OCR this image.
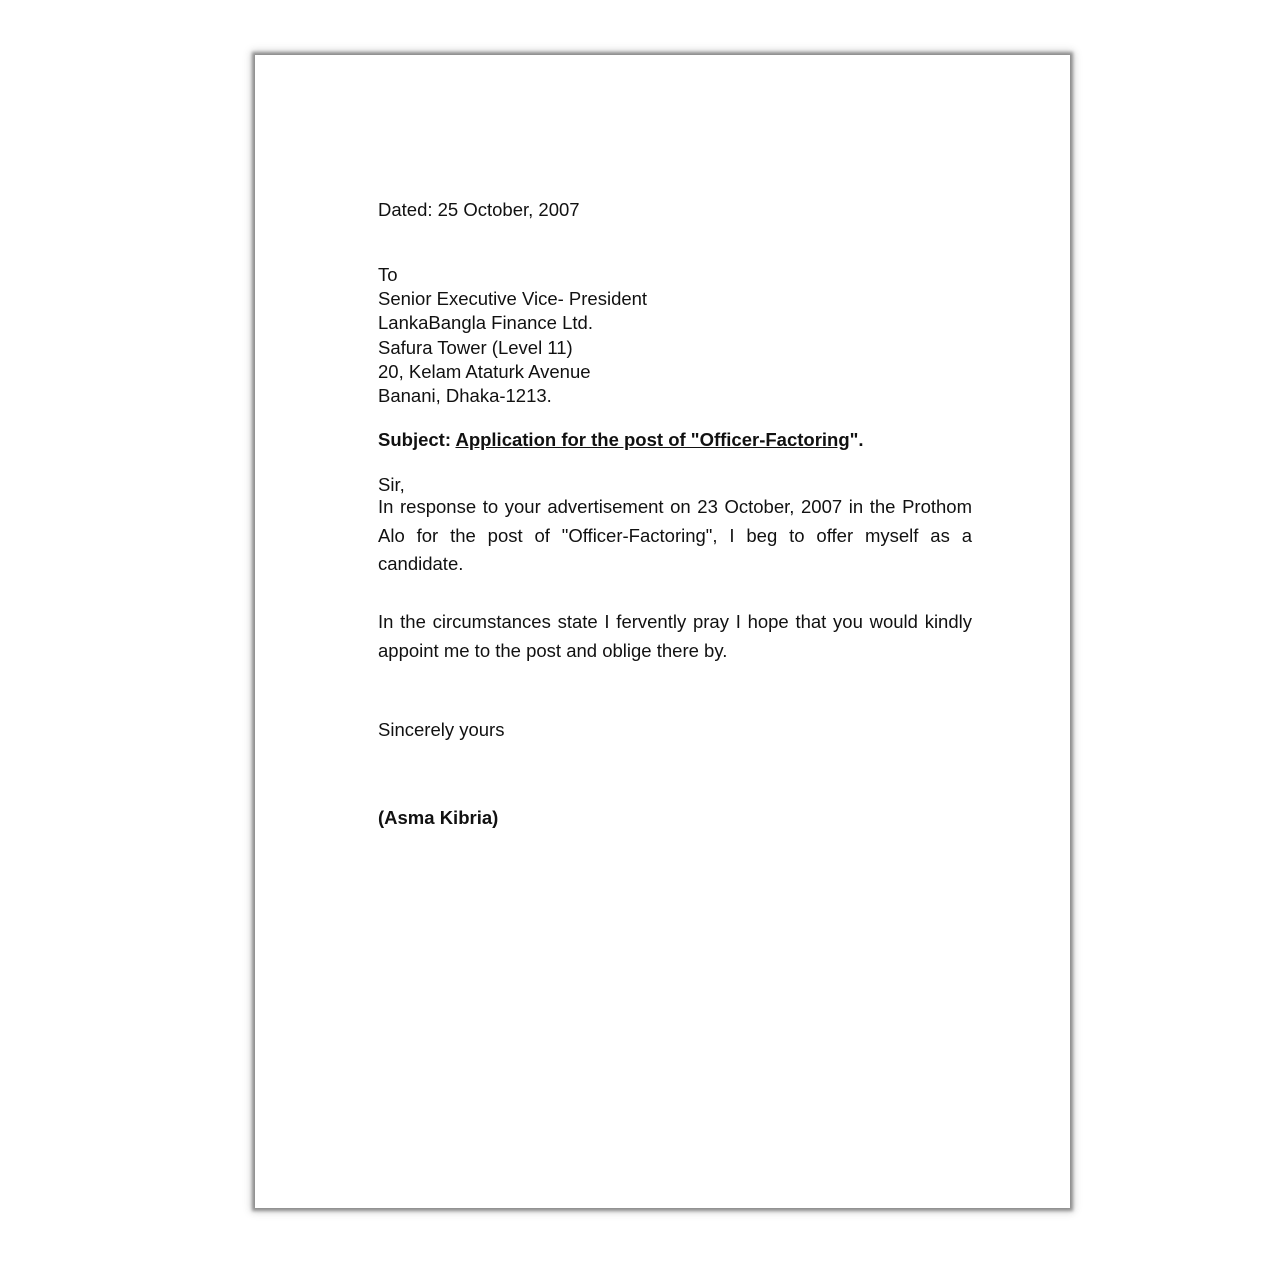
Dated: 25 October, 2007
To
Senior Executive Vice- President
LankaBangla Finance Ltd.
Safura Tower (Level 11)
20, Kelam Ataturk Avenue
Banani, Dhaka-1213.
Subject: Application for the post of "Officer-Factoring".
Sir,

In response to your advertisement on 23 October, 2007 in the Prothom Alo for the post of "Officer-Factoring", I beg to offer myself as a candidate.

In the circumstances state I fervently pray I hope that you would kindly appoint me to the post and oblige there by.

Sincerely yours
(Asma Kibria)
